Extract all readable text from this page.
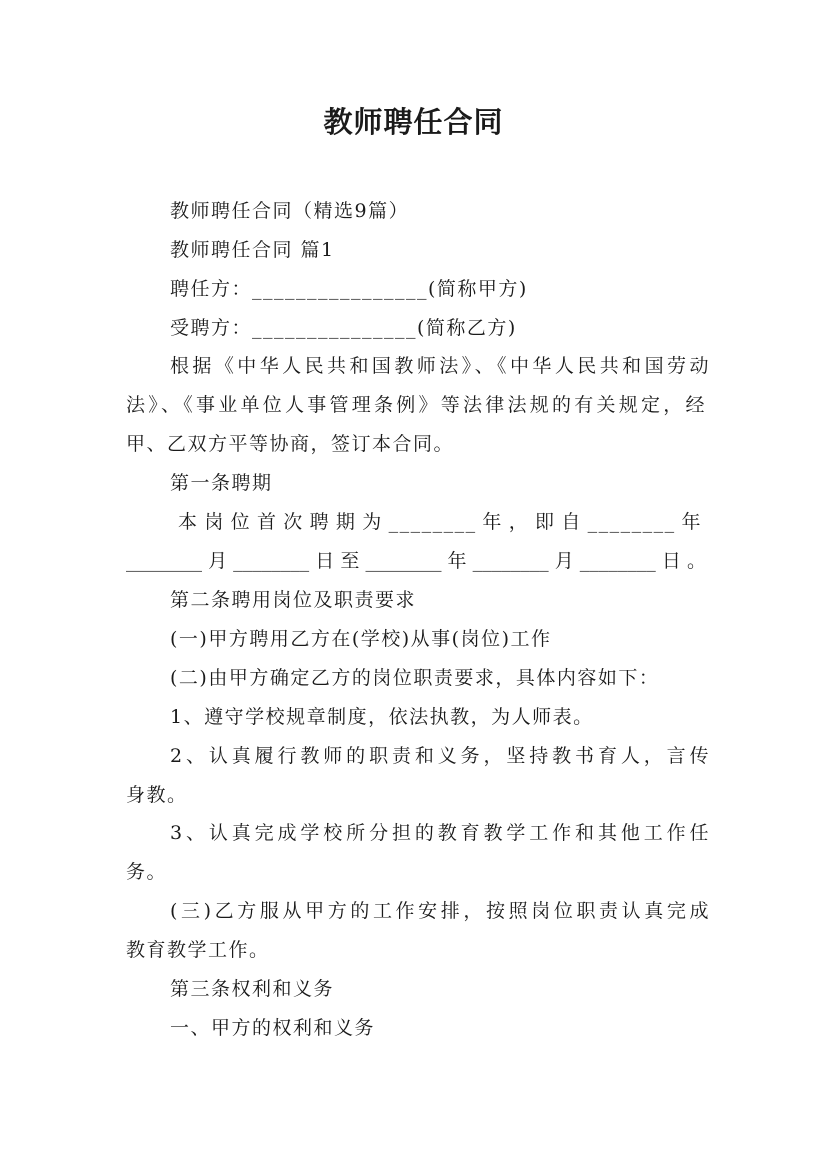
教师聘任合同
教师聘任合同（精选9篇）
教师聘任合同 篇1
聘任方：________________(简称甲方)
受聘方：_______________(简称乙方)
根据《中华人民共和国教师法》、《中华人民共和国劳动
法》、《事业单位人事管理条例》等法律法规的有关规定，经
甲、乙双方平等协商，签订本合同。
第一条聘期
本岗位首次聘期为________年，即自________年
________月________日至________年________月________日。
第二条聘用岗位及职责要求
(一)甲方聘用乙方在(学校)从事(岗位)工作
(二)由甲方确定乙方的岗位职责要求，具体内容如下：
1、遵守学校规章制度，依法执教，为人师表。
2、认真履行教师的职责和义务，坚持教书育人，言传
身教。
3、认真完成学校所分担的教育教学工作和其他工作任
务。
(三)乙方服从甲方的工作安排，按照岗位职责认真完成
教育教学工作。
第三条权利和义务
一、甲方的权利和义务
